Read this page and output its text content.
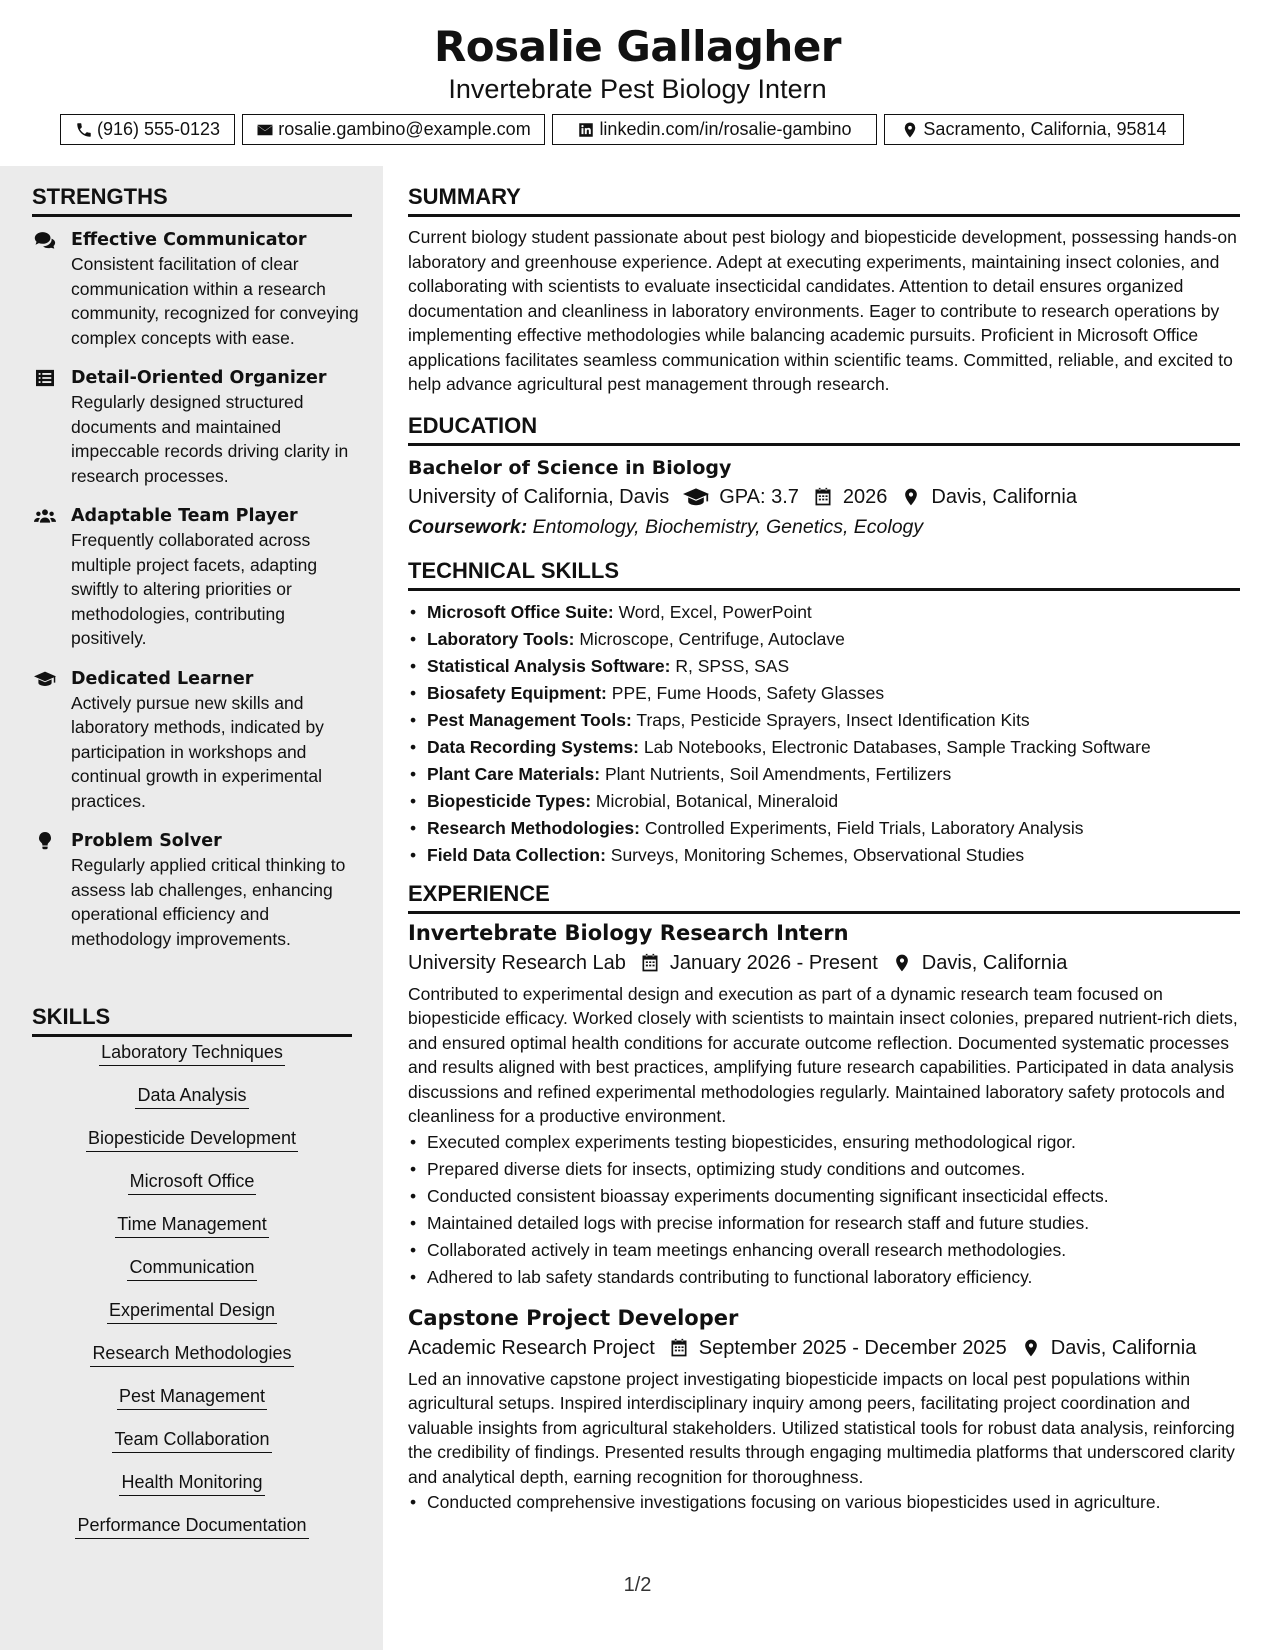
Rosalie Gallagher
Invertebrate Pest Biology Intern
(916) 555-0123	rosalie.gambino@example.com	linkedin.com/in/rosalie-gambino	Sacramento, California, 95814
STRENGTHS
Effective Communicator
Consistent facilitation of clear communication within a research community, recognized for conveying complex concepts with ease.
Detail-Oriented Organizer
Regularly designed structured documents and maintained impeccable records driving clarity in research processes.
Adaptable Team Player
Frequently collaborated across multiple project facets, adapting swiftly to altering priorities or methodologies, contributing positively.
Dedicated Learner
Actively pursue new skills and laboratory methods, indicated by participation in workshops and continual growth in experimental practices.
Problem Solver
Regularly applied critical thinking to assess lab challenges, enhancing operational efficiency and methodology improvements.
SKILLS
Laboratory Techniques
Data Analysis
Biopesticide Development
Microsoft Office
Time Management
Communication
Experimental Design
Research Methodologies
Pest Management
Team Collaboration
Health Monitoring
Performance Documentation
SUMMARY
Current biology student passionate about pest biology and biopesticide development, possessing hands-on laboratory and greenhouse experience. Adept at executing experiments, maintaining insect colonies, and collaborating with scientists to evaluate insecticidal candidates. Attention to detail ensures organized documentation and cleanliness in laboratory environments. Eager to contribute to research operations by implementing effective methodologies while balancing academic pursuits. Proficient in Microsoft Office applications facilitates seamless communication within scientific teams. Committed, reliable, and excited to help advance agricultural pest management through research.
EDUCATION
Bachelor of Science in Biology
University of California, Davis	GPA: 3.7 2026 Davis, California
Coursework: Entomology, Biochemistry, Genetics, Ecology
TECHNICAL SKILLS
• Microsoft Office Suite: Word, Excel, PowerPoint
• Laboratory Tools: Microscope, Centrifuge, Autoclave
• Statistical Analysis Software: R, SPSS, SAS
• Biosafety Equipment: PPE, Fume Hoods, Safety Glasses
• Pest Management Tools: Traps, Pesticide Sprayers, Insect Identification Kits
• Data Recording Systems: Lab Notebooks, Electronic Databases, Sample Tracking Software
• Plant Care Materials: Plant Nutrients, Soil Amendments, Fertilizers
• Biopesticide Types: Microbial, Botanical, Mineraloid
• Research Methodologies: Controlled Experiments, Field Trials, Laboratory Analysis
• Field Data Collection: Surveys, Monitoring Schemes, Observational Studies
EXPERIENCE
Invertebrate Biology Research Intern
University Research Lab January 2026 - Present Davis, California
Contributed to experimental design and execution as part of a dynamic research team focused on biopesticide efficacy. Worked closely with scientists to maintain insect colonies, prepared nutrient-rich diets, and ensured optimal health conditions for accurate outcome reflection. Documented systematic processes and results aligned with best practices, amplifying future research capabilities. Participated in data analysis discussions and refined experimental methodologies regularly. Maintained laboratory safety protocols and cleanliness for a productive environment.
• Executed complex experiments testing biopesticides, ensuring methodological rigor.
• Prepared diverse diets for insects, optimizing study conditions and outcomes.
• Conducted consistent bioassay experiments documenting significant insecticidal effects.
• Maintained detailed logs with precise information for research staff and future studies.
• Collaborated actively in team meetings enhancing overall research methodologies.
• Adhered to lab safety standards contributing to functional laboratory efficiency.
Capstone Project Developer
Academic Research Project September 2025 - December 2025 Davis, California
Led an innovative capstone project investigating biopesticide impacts on local pest populations within agricultural setups. Inspired interdisciplinary inquiry among peers, facilitating project coordination and valuable insights from agricultural stakeholders. Utilized statistical tools for robust data analysis, reinforcing the credibility of findings. Presented results through engaging multimedia platforms that underscored clarity and analytical depth, earning recognition for thoroughness.
• Conducted comprehensive investigations focusing on various biopesticides used in agriculture.
1/2
